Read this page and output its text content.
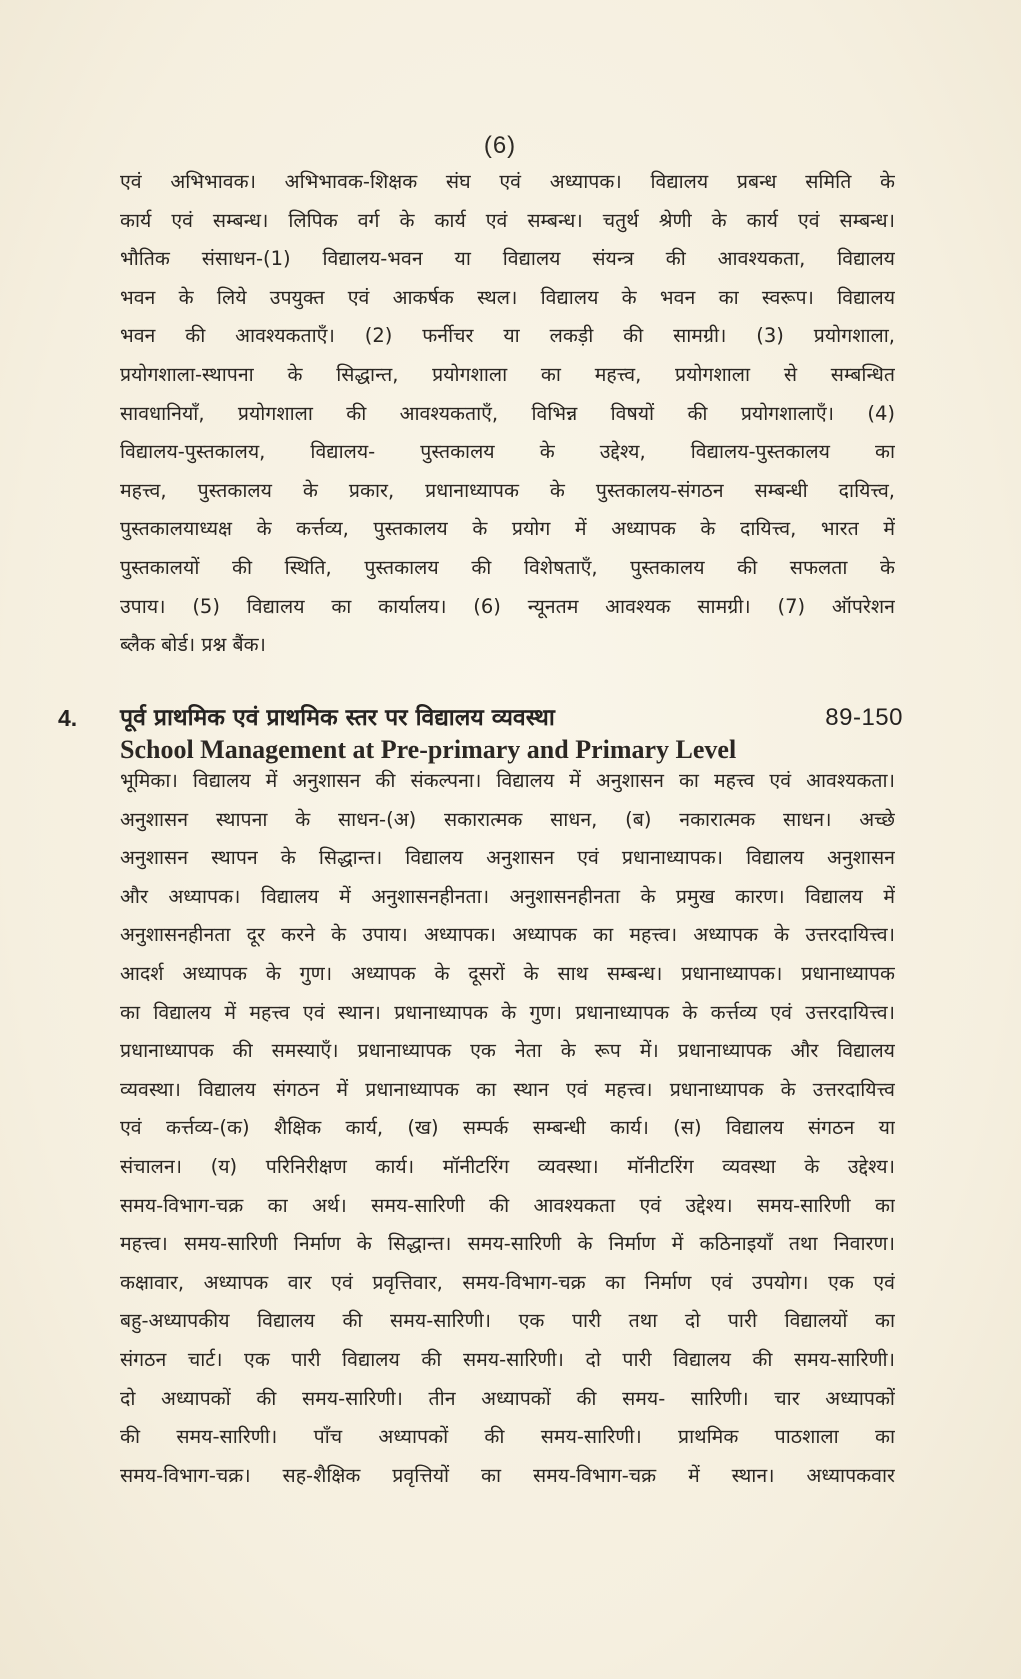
(6)
एवं अभिभावक। अभिभावक-शिक्षक संघ एवं अध्यापक। विद्यालय प्रबन्ध समिति के
कार्य एवं सम्बन्ध। लिपिक वर्ग के कार्य एवं सम्बन्ध। चतुर्थ श्रेणी के कार्य एवं सम्बन्ध।
भौतिक संसाधन-(1) विद्यालय-भवन या विद्यालय संयन्त्र की आवश्यकता, विद्यालय
भवन के लिये उपयुक्त एवं आकर्षक स्थल। विद्यालय के भवन का स्वरूप। विद्यालय
भवन की आवश्यकताएँ। (2) फर्नीचर या लकड़ी की सामग्री। (3) प्रयोगशाला,
प्रयोगशाला-स्थापना के सिद्धान्त, प्रयोगशाला का महत्त्व, प्रयोगशाला से सम्बन्धित
सावधानियाँ, प्रयोगशाला की आवश्यकताएँ, विभिन्न विषयों की प्रयोगशालाएँ। (4)
विद्यालय-पुस्तकालय, विद्यालय- पुस्तकालय के उद्देश्य, विद्यालय-पुस्तकालय का
महत्त्व, पुस्तकालय के प्रकार, प्रधानाध्यापक के पुस्तकालय-संगठन सम्बन्धी दायित्त्व,
पुस्तकालयाध्यक्ष के कर्त्तव्य, पुस्तकालय के प्रयोग में अध्यापक के दायित्त्व, भारत में
पुस्तकालयों की स्थिति, पुस्तकालय की विशेषताएँ, पुस्तकालय की सफलता के
उपाय। (5) विद्यालय का कार्यालय। (6) न्यूनतम आवश्यक सामग्री। (7) ऑपरेशन
ब्लैक बोर्ड। प्रश्न बैंक।
4. पूर्व प्राथमिक एवं प्राथमिक स्तर पर विद्यालय व्यवस्था	89-150
School Management at Pre-primary and Primary Level
भूमिका। विद्यालय में अनुशासन की संकल्पना। विद्यालय में अनुशासन का महत्त्व एवं आवश्यकता।
अनुशासन स्थापना के साधन-(अ) सकारात्मक साधन, (ब) नकारात्मक साधन। अच्छे
अनुशासन स्थापन के सिद्धान्त। विद्यालय अनुशासन एवं प्रधानाध्यापक। विद्यालय अनुशासन
और अध्यापक। विद्यालय में अनुशासनहीनता। अनुशासनहीनता के प्रमुख कारण। विद्यालय में
अनुशासनहीनता दूर करने के उपाय। अध्यापक। अध्यापक का महत्त्व। अध्यापक के उत्तरदायित्त्व।
आदर्श अध्यापक के गुण। अध्यापक के दूसरों के साथ सम्बन्ध। प्रधानाध्यापक। प्रधानाध्यापक
का विद्यालय में महत्त्व एवं स्थान। प्रधानाध्यापक के गुण। प्रधानाध्यापक के कर्त्तव्य एवं उत्तरदायित्त्व।
प्रधानाध्यापक की समस्याएँ। प्रधानाध्यापक एक नेता के रूप में। प्रधानाध्यापक और विद्यालय
व्यवस्था। विद्यालय संगठन में प्रधानाध्यापक का स्थान एवं महत्त्व। प्रधानाध्यापक के उत्तरदायित्त्व
एवं कर्त्तव्य-(क) शैक्षिक कार्य, (ख) सम्पर्क सम्बन्धी कार्य। (स) विद्यालय संगठन या
संचालन। (य) परिनिरीक्षण कार्य। मॉनीटरिंग व्यवस्था। मॉनीटरिंग व्यवस्था के उद्देश्य।
समय-विभाग-चक्र का अर्थ। समय-सारिणी की आवश्यकता एवं उद्देश्य। समय-सारिणी का
महत्त्व। समय-सारिणी निर्माण के सिद्धान्त। समय-सारिणी के निर्माण में कठिनाइयाँ तथा निवारण।
कक्षावार, अध्यापक वार एवं प्रवृत्तिवार, समय-विभाग-चक्र का निर्माण एवं उपयोग। एक एवं
बहु-अध्यापकीय विद्यालय की समय-सारिणी। एक पारी तथा दो पारी विद्यालयों का
संगठन चार्ट। एक पारी विद्यालय की समय-सारिणी। दो पारी विद्यालय की समय-सारिणी।
दो अध्यापकों की समय-सारिणी। तीन अध्यापकों की समय- सारिणी। चार अध्यापकों
की समय-सारिणी। पाँच अध्यापकों की समय-सारिणी। प्राथमिक पाठशाला का
समय-विभाग-चक्र। सह-शैक्षिक प्रवृत्तियों का समय-विभाग-चक्र में स्थान। अध्यापकवार
